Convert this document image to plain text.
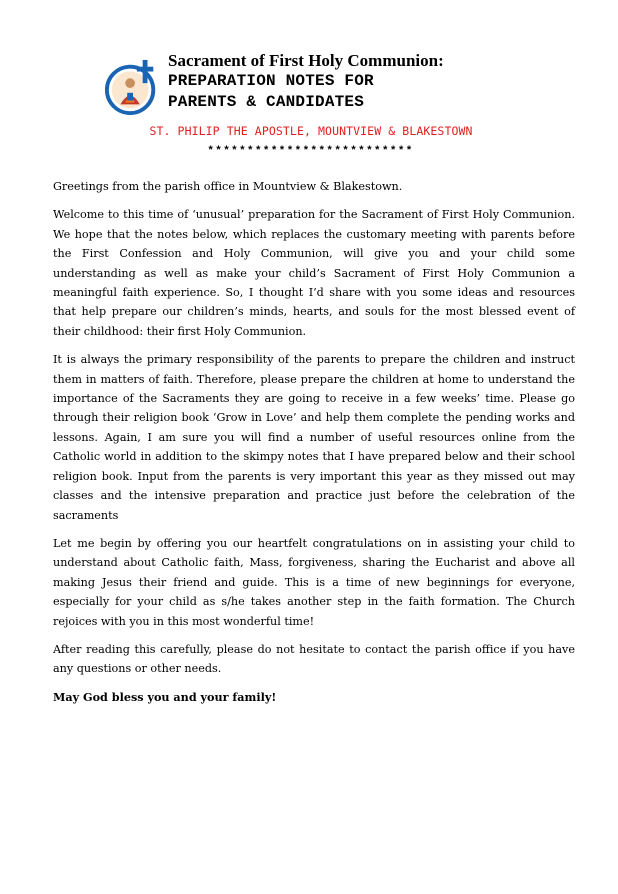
Sacrament of First Holy Communion:
PREPARATION NOTES FOR
PARENTS & CANDIDATES
ST. PHILIP THE APOSTLE, MOUNTVIEW & BLAKESTOWN
* * * * * * * * * * * * * * * * * * * * * * * * * *

Greetings from the parish office in Mountview & Blakestown.

Welcome to this time of ‘unusual’ preparation for the Sacrament of First Holy Communion. We hope that the notes below, which replaces the customary meeting with parents before the First Confession and Holy Communion, will give you and your child some understanding as well as make your child’s Sacrament of First Holy Communion a meaningful faith experience. So, I thought I’d share with you some ideas and resources that help prepare our children’s minds, hearts, and souls for the most blessed event of their childhood: their first Holy Communion.

It is always the primary responsibility of the parents to prepare the children and instruct them in matters of faith. Therefore, please prepare the children at home to understand the importance of the Sacraments they are going to receive in a few weeks’ time. Please go through their religion book ‘Grow in Love’ and help them complete the pending works and lessons. Again, I am sure you will find a number of useful resources online from the Catholic world in addition to the skimpy notes that I have prepared below and their school religion book. Input from the parents is very important this year as they missed out may classes and the intensive preparation and practice just before the celebration of the sacraments

Let me begin by offering you our heartfelt congratulations on in assisting your child to understand about Catholic faith, Mass, forgiveness, sharing the Eucharist and above all making Jesus their friend and guide. This is a time of new beginnings for everyone, especially for your child as s/he takes another step in the faith formation. The Church rejoices with you in this most wonderful time!

After reading this carefully, please do not hesitate to contact the parish office if you have any questions or other needs.

May God bless you and your family!
